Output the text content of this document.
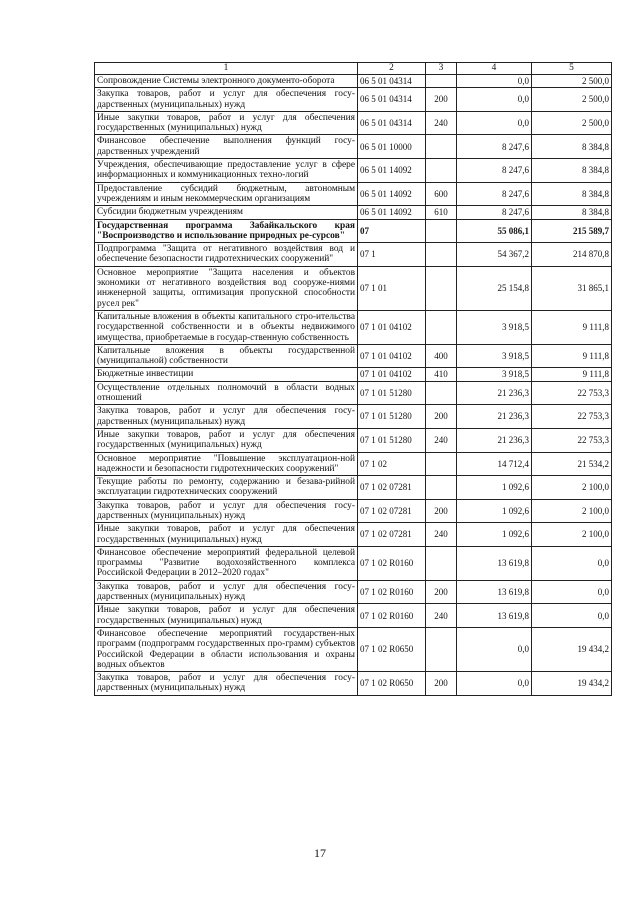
1	2	3	4	5
Сопровождение Системы электронного документо-оборота	06 5 01 04314		0,0	2 500,0
Закупка товаров, работ и услуг для обеспечения госу-дарственных (муниципальных) нужд	06 5 01 04314	200	0,0	2 500,0
Иные закупки товаров, работ и услуг для обеспечения государственных (муниципальных) нужд	06 5 01 04314	240	0,0	2 500,0
Финансовое обеспечение выполнения функций госу-дарственных учреждений	06 5 01 10000		8 247,6	8 384,8
Учреждения, обеспечивающие предоставление услуг в сфере информационных и коммуникационных техно-логий	06 5 01 14092		8 247,6	8 384,8
Предоставление субсидий бюджетным, автономным учреждениям и иным некоммерческим организациям	06 5 01 14092	600	8 247,6	8 384,8
Субсидии бюджетным учреждениям	06 5 01 14092	610	8 247,6	8 384,8
Государственная программа Забайкальского края "Воспроизводство и использование природных ре-сурсов"	07		55 086,1	215 589,7
Подпрограмма "Защита от негативного воздействия вод и обеспечение безопасности гидротехнических сооружений"	07 1		54 367,2	214 870,8
Основное мероприятие "Защита населения и объектов экономики от негативного воздействия вод сооруже-ниями инженерной защиты, оптимизация пропускной способности русел рек"	07 1 01		25 154,8	31 865,1
Капитальные вложения в объекты капитального стро-ительства государственной собственности и в объекты недвижимого имущества, приобретаемые в государ-ственную собственность	07 1 01 04102		3 918,5	9 111,8
Капитальные вложения в объекты государственной (муниципальной) собственности	07 1 01 04102	400	3 918,5	9 111,8
Бюджетные инвестиции	07 1 01 04102	410	3 918,5	9 111,8
Осуществление отдельных полномочий в области водных отношений	07 1 01 51280		21 236,3	22 753,3
Закупка товаров, работ и услуг для обеспечения госу-дарственных (муниципальных) нужд	07 1 01 51280	200	21 236,3	22 753,3
Иные закупки товаров, работ и услуг для обеспечения государственных (муниципальных) нужд	07 1 01 51280	240	21 236,3	22 753,3
Основное мероприятие "Повышение эксплуатацион-ной надежности и безопасности гидротехнических сооружений"	07 1 02		14 712,4	21 534,2
Текущие работы по ремонту, содержанию и безава-рийной эксплуатации гидротехнических сооружений	07 1 02 07281		1 092,6	2 100,0
Закупка товаров, работ и услуг для обеспечения госу-дарственных (муниципальных) нужд	07 1 02 07281	200	1 092,6	2 100,0
Иные закупки товаров, работ и услуг для обеспечения государственных (муниципальных) нужд	07 1 02 07281	240	1 092,6	2 100,0
Финансовое обеспечение мероприятий федеральной целевой программы "Развитие водохозяйственного комплекса Российской Федерации в 2012–2020 годах"	07 1 02 R0160		13 619,8	0,0
Закупка товаров, работ и услуг для обеспечения госу-дарственных (муниципальных) нужд	07 1 02 R0160	200	13 619,8	0,0
Иные закупки товаров, работ и услуг для обеспечения государственных (муниципальных) нужд	07 1 02 R0160	240	13 619,8	0,0
Финансовое обеспечение мероприятий государствен-ных программ (подпрограмм государственных про-грамм) субъектов Российской Федерации в области использования и охраны водных объектов	07 1 02 R0650		0,0	19 434,2
Закупка товаров, работ и услуг для обеспечения госу-дарственных (муниципальных) нужд	07 1 02 R0650	200	0,0	19 434,2
17
